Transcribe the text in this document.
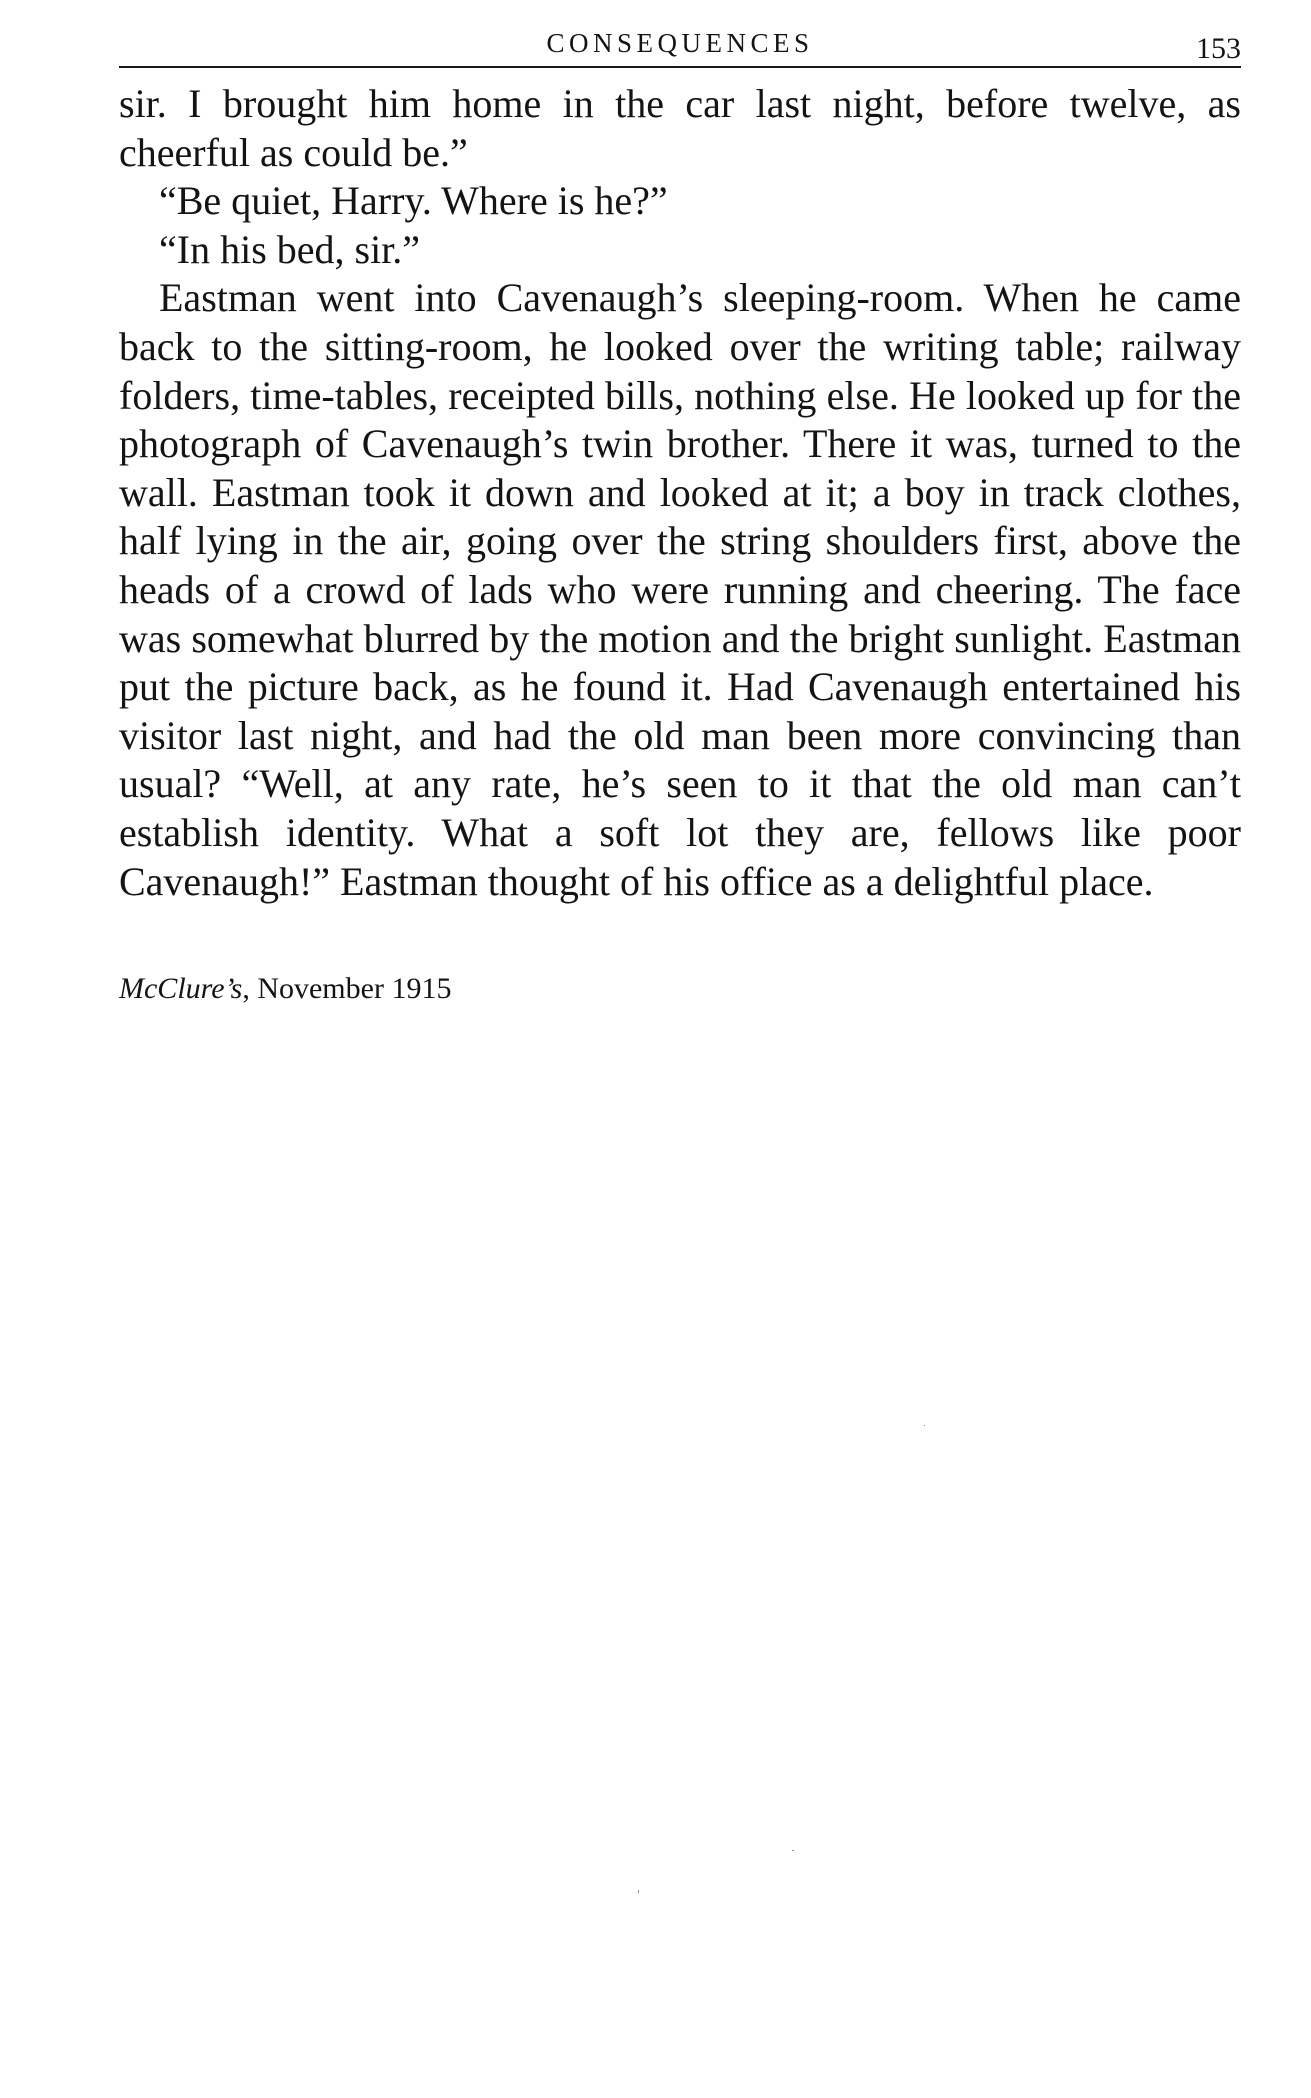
CONSEQUENCES	153

sir. I brought him home in the car last night, before twelve, as cheerful as could be.”

“Be quiet, Harry. Where is he?”

“In his bed, sir.”

Eastman went into Cavenaugh’s sleeping-room. When he came back to the sitting-room, he looked over the writing table; railway folders, time-tables, receipted bills, nothing else. He looked up for the photograph of Cavenaugh’s twin brother. There it was, turned to the wall. Eastman took it down and looked at it; a boy in track clothes, half lying in the air, going over the string shoulders first, above the heads of a crowd of lads who were running and cheering. The face was somewhat blurred by the motion and the bright sunlight. Eastman put the picture back, as he found it. Had Cavenaugh entertained his visitor last night, and had the old man been more convincing than usual? “Well, at any rate, he’s seen to it that the old man can’t establish identity. What a soft lot they are, fellows like poor Cavenaugh!” Eastman thought of his office as a delightful place.

McClure’s, November 1915
